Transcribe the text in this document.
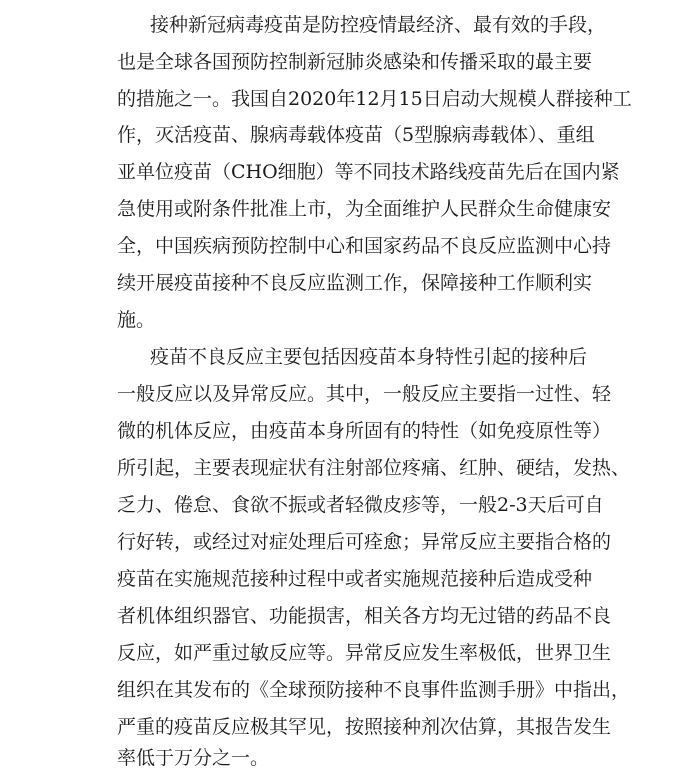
接种新冠病毒疫苗是防控疫情最经济、最有效的手段，
也是全球各国预防控制新冠肺炎感染和传播采取的最主要
的措施之一。我国自2020年12月15日启动大规模人群接种工
作，灭活疫苗、腺病毒载体疫苗（5型腺病毒载体）、重组
亚单位疫苗（CHO细胞）等不同技术路线疫苗先后在国内紧
急使用或附条件批准上市，为全面维护人民群众生命健康安
全，中国疾病预防控制中心和国家药品不良反应监测中心持
续开展疫苗接种不良反应监测工作，保障接种工作顺利实
施。
疫苗不良反应主要包括因疫苗本身特性引起的接种后
一般反应以及异常反应。其中，一般反应主要指一过性、轻
微的机体反应，由疫苗本身所固有的特性（如免疫原性等）
所引起，主要表现症状有注射部位疼痛、红肿、硬结，发热、
乏力、倦怠、食欲不振或者轻微皮疹等，一般2-3天后可自
行好转，或经过对症处理后可痊愈；异常反应主要指合格的
疫苗在实施规范接种过程中或者实施规范接种后造成受种
者机体组织器官、功能损害，相关各方均无过错的药品不良
反应，如严重过敏反应等。异常反应发生率极低，世界卫生
组织在其发布的《全球预防接种不良事件监测手册》中指出，
严重的疫苗反应极其罕见，按照接种剂次估算，其报告发生
率低于万分之一。
